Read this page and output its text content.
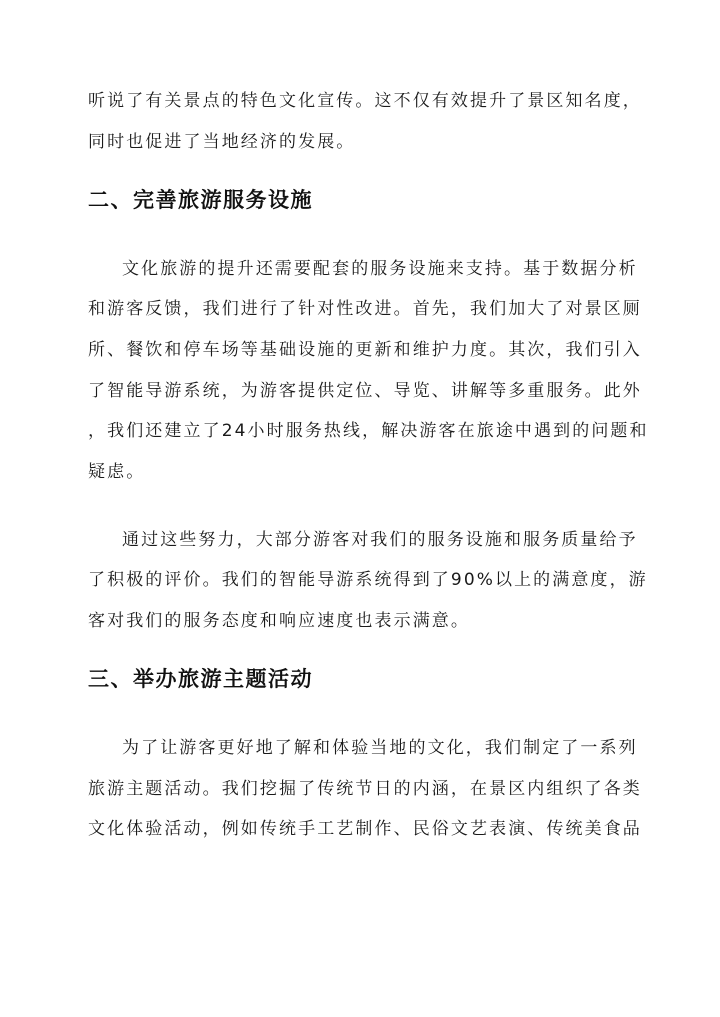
听说了有关景点的特色文化宣传。这不仅有效提升了景区知名度，
同时也促进了当地经济的发展。
二、完善旅游服务设施
文化旅游的提升还需要配套的服务设施来支持。基于数据分析
和游客反馈，我们进行了针对性改进。首先，我们加大了对景区厕
所、餐饮和停车场等基础设施的更新和维护力度。其次，我们引入
了智能导游系统，为游客提供定位、导览、讲解等多重服务。此外
，我们还建立了24小时服务热线，解决游客在旅途中遇到的问题和
疑虑。
通过这些努力，大部分游客对我们的服务设施和服务质量给予
了积极的评价。我们的智能导游系统得到了90%以上的满意度，游
客对我们的服务态度和响应速度也表示满意。
三、举办旅游主题活动
为了让游客更好地了解和体验当地的文化，我们制定了一系列
旅游主题活动。我们挖掘了传统节日的内涵，在景区内组织了各类
文化体验活动，例如传统手工艺制作、民俗文艺表演、传统美食品
